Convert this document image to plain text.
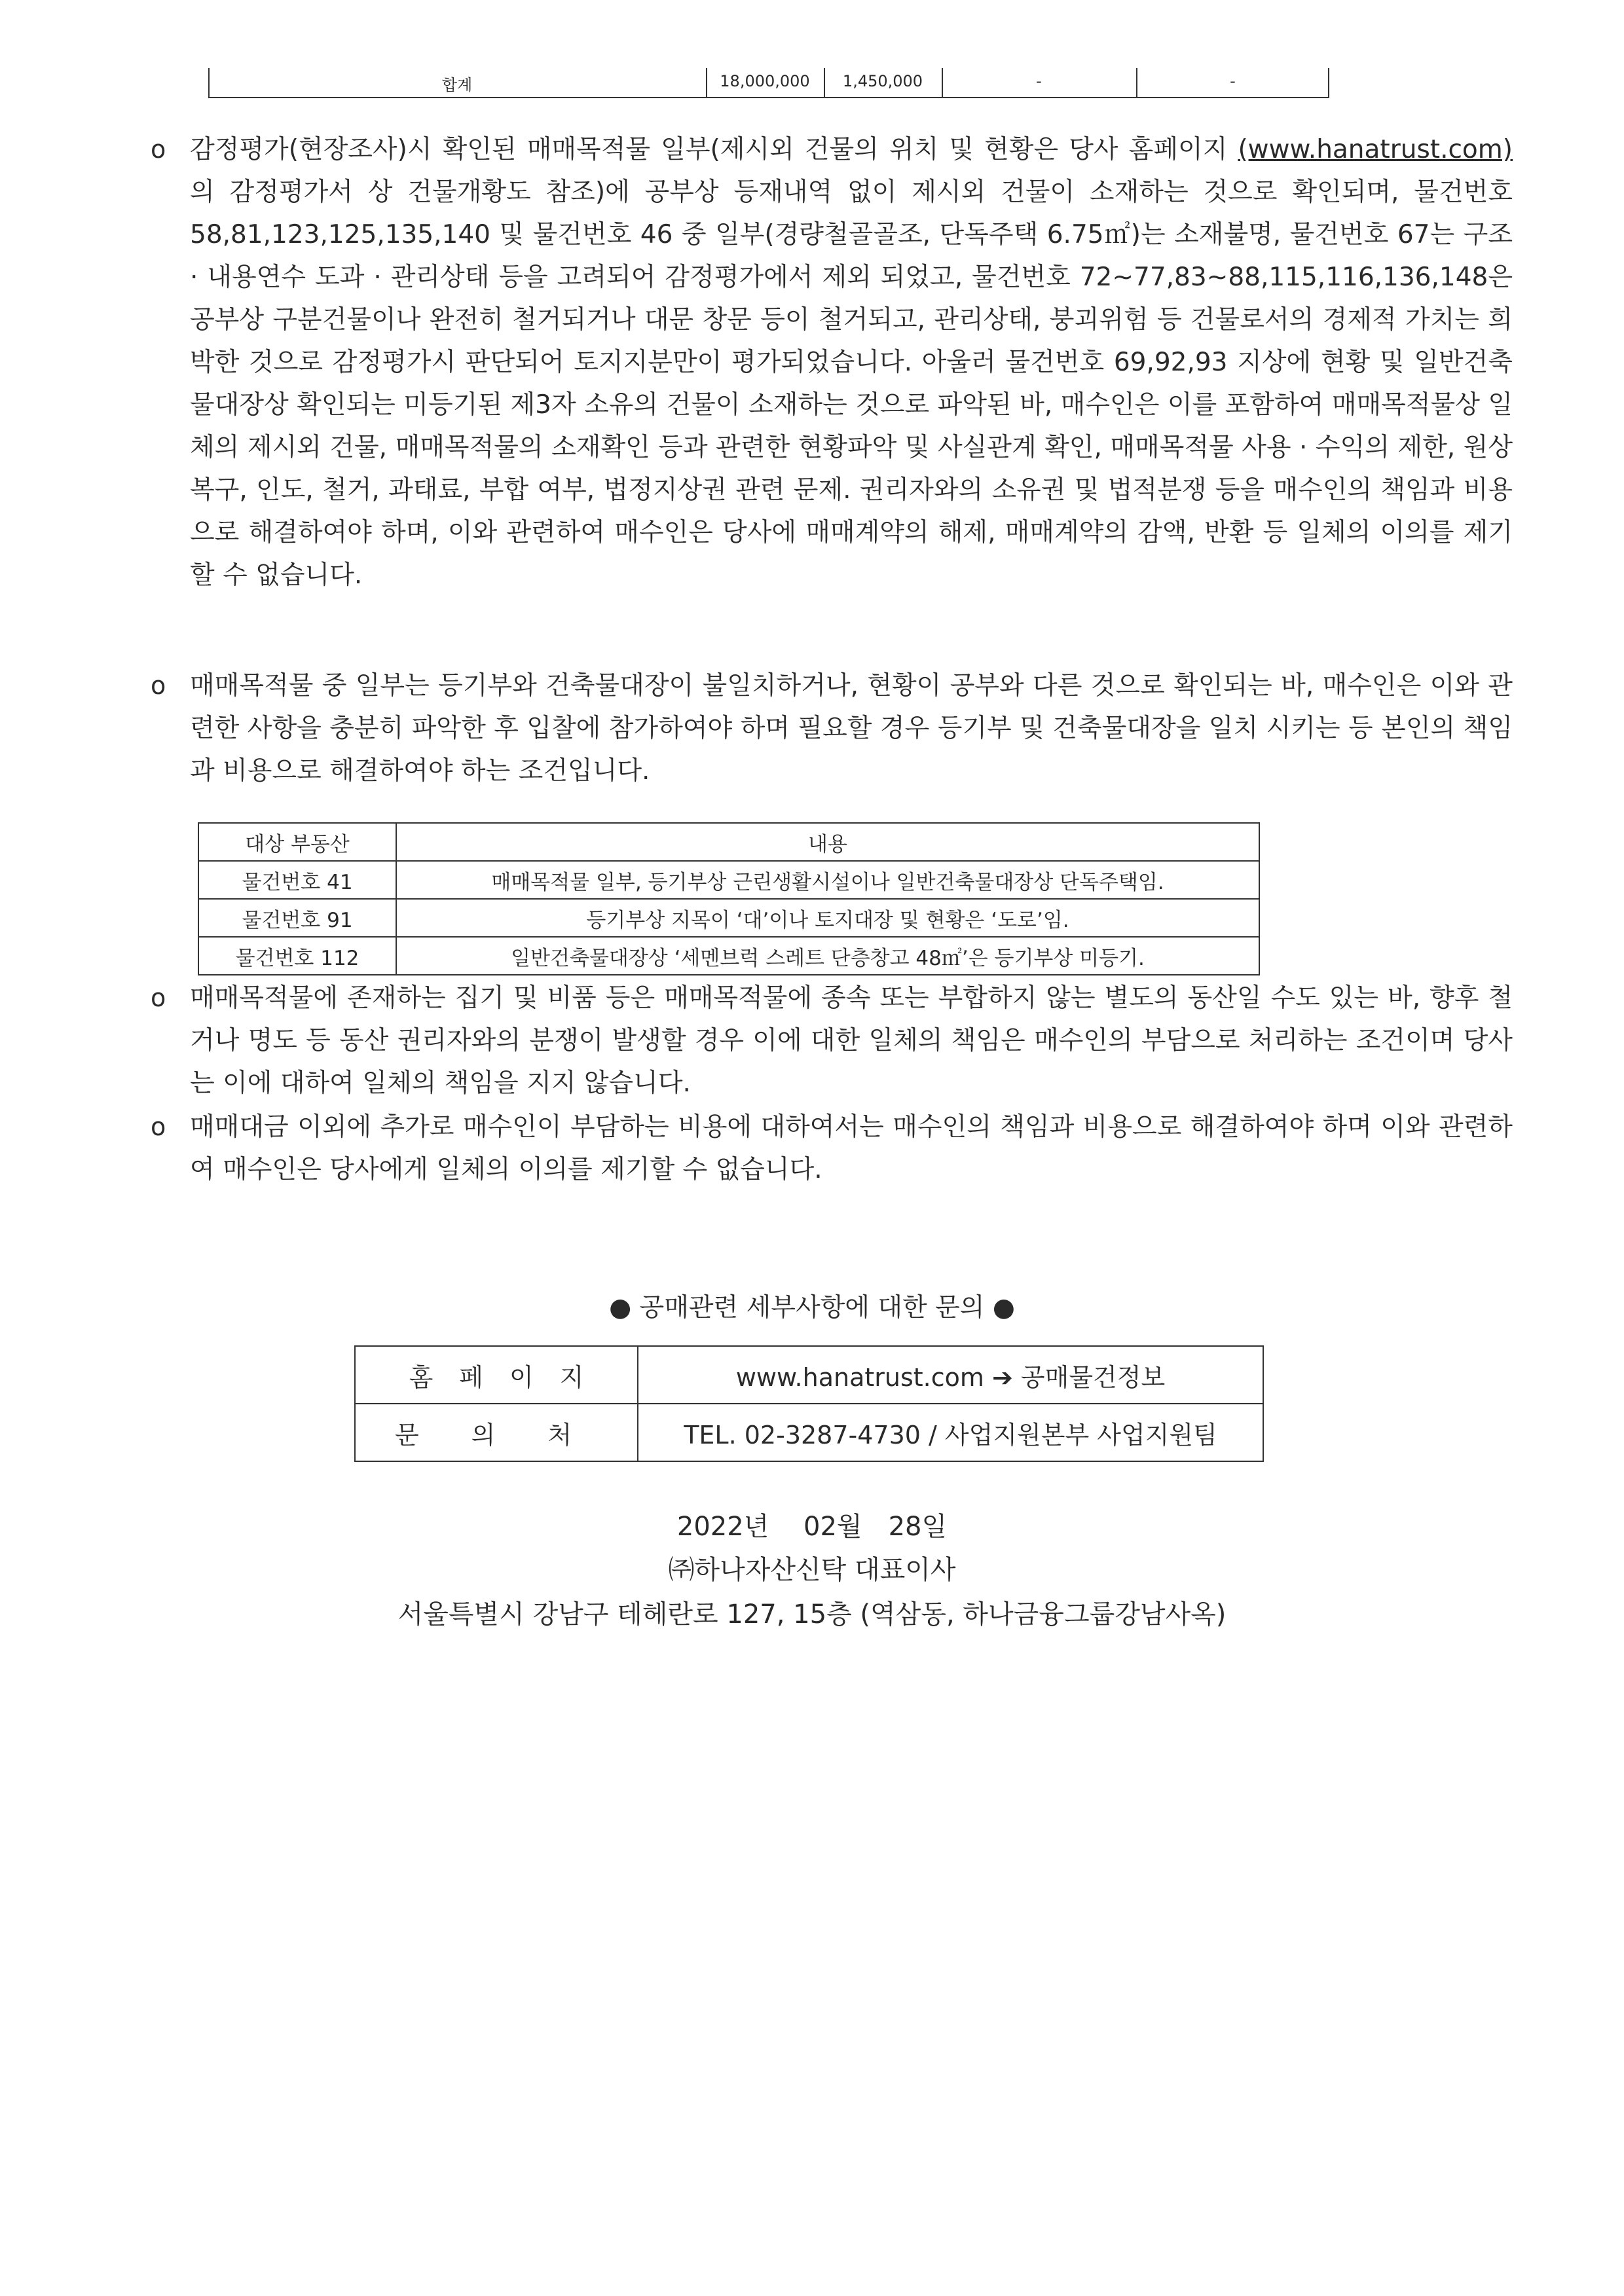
합계	18,000,000	1,450,000	-	-
o 감정평가(현장조사)시 확인된 매매목적물 일부(제시외 건물의 위치 및 현황은 당사 홈페이지 (www.hanatrust.com)의 감정평가서 상 건물개황도 참조)에 공부상 등재내역 없이 제시외 건물이 소재하는 것으로 확인되며, 물건번호 58,81,123,125,135,140 및 물건번호 46 중 일부(경량철골골조, 단독주택 6.75㎡)는 소재불명, 물건번호 67는 구조 · 내용연수 도과 · 관리상태 등을 고려되어 감정평가에서 제외 되었고, 물건번호 72~77,83~88,115,116,136,148은 공부상 구분건물이나 완전히 철거되거나 대문 창문 등이 철거되고, 관리상태, 붕괴위험 등 건물로서의 경제적 가치는 희박한 것으로 감정평가시 판단되어 토지지분만이 평가되었습니다. 아울러 물건번호 69,92,93 지상에 현황 및 일반건축물대장상 확인되는 미등기된 제3자 소유의 건물이 소재하는 것으로 파악된 바, 매수인은 이를 포함하여 매매목적물상 일체의 제시외 건물, 매매목적물의 소재확인 등과 관련한 현황파악 및 사실관계 확인, 매매목적물 사용 · 수익의 제한, 원상복구, 인도, 철거, 과태료, 부합 여부, 법정지상권 관련 문제. 권리자와의 소유권 및 법적분쟁 등을 매수인의 책임과 비용으로 해결하여야 하며, 이와 관련하여 매수인은 당사에 매매계약의 해제, 매매계약의 감액, 반환 등 일체의 이의를 제기할 수 없습니다.
o 매매목적물 중 일부는 등기부와 건축물대장이 불일치하거나, 현황이 공부와 다른 것으로 확인되는 바, 매수인은 이와 관련한 사항을 충분히 파악한 후 입찰에 참가하여야 하며 필요할 경우 등기부 및 건축물대장을 일치 시키는 등 본인의 책임과 비용으로 해결하여야 하는 조건입니다.
대상 부동산	내용
물건번호 41	매매목적물 일부, 등기부상 근린생활시설이나 일반건축물대장상 단독주택임.
물건번호 91	등기부상 지목이 ‘대’이나 토지대장 및 현황은 ‘도로’임.
물건번호 112	일반건축물대장상 ‘세멘브럭 스레트 단층창고 48㎡’은 등기부상 미등기.
o 매매목적물에 존재하는 집기 및 비품 등은 매매목적물에 종속 또는 부합하지 않는 별도의 동산일 수도 있는 바, 향후 철거나 명도 등 동산 권리자와의 분쟁이 발생할 경우 이에 대한 일체의 책임은 매수인의 부담으로 처리하는 조건이며 당사는 이에 대하여 일체의 책임을 지지 않습니다.
o 매매대금 이외에 추가로 매수인이 부담하는 비용에 대하여서는 매수인의 책임과 비용으로 해결하여야 하며 이와 관련하여 매수인은 당사에게 일체의 이의를 제기할 수 없습니다.
● 공매관련 세부사항에 대한 문의 ●
홈페이지	www.hanatrust.com ➔ 공매물건정보
문의처	TEL. 02-3287-4730 / 사업지원본부 사업지원팀
2022년　 02월　28일
㈜하나자산신탁 대표이사
서울특별시 강남구 테헤란로 127, 15층 (역삼동, 하나금융그룹강남사옥)
